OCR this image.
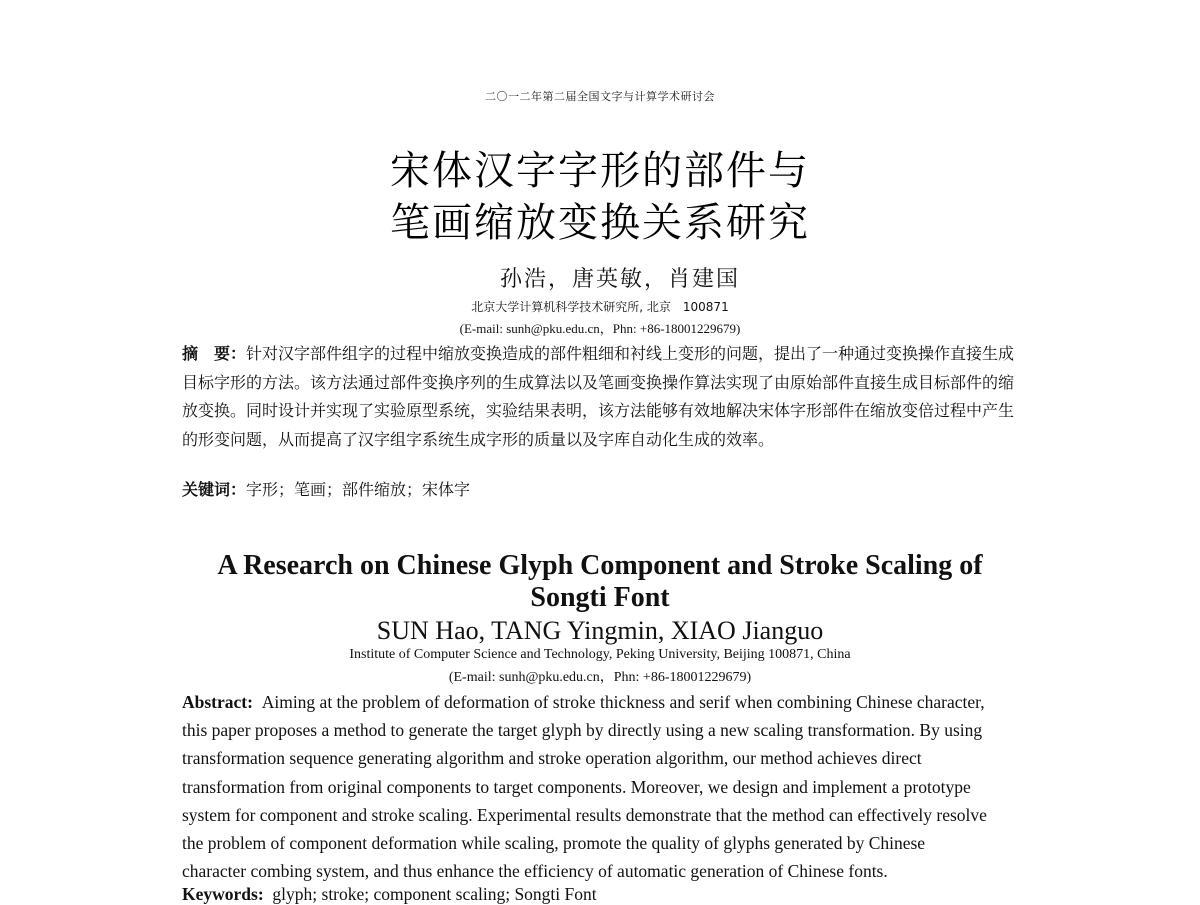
二〇一二年第二届全国文字与计算学术研讨会
宋体汉字字形的部件与
笔画缩放变换关系研究
孙浩，唐英敏，肖建国
北京大学计算机科学技术研究所, 北京　100871
(E-mail: sunh@pku.edu.cn，Phn: +86-18001229679)
摘　要：针对汉字部件组字的过程中缩放变换造成的部件粗细和衬线上变形的问题，提出了一种通过变换操作直接生成目标字形的方法。该方法通过部件变换序列的生成算法以及笔画变换操作算法实现了由原始部件直接生成目标部件的缩放变换。同时设计并实现了实验原型系统，实验结果表明，该方法能够有效地解决宋体字形部件在缩放变倍过程中产生的形变问题，从而提高了汉字组字系统生成字形的质量以及字库自动化生成的效率。
关键词：字形；笔画；部件缩放；宋体字
A Research on Chinese Glyph Component and Stroke Scaling of
Songti Font
SUN Hao, TANG Yingmin, XIAO Jianguo
Institute of Computer Science and Technology, Peking University, Beijing 100871, China
(E-mail: sunh@pku.edu.cn，Phn: +86-18001229679)
Abstract: Aiming at the problem of deformation of stroke thickness and serif when combining Chinese character,
this paper proposes a method to generate the target glyph by directly using a new scaling transformation. By using
transformation sequence generating algorithm and stroke operation algorithm, our method achieves direct
transformation from original components to target components. Moreover, we design and implement a prototype
system for component and stroke scaling. Experimental results demonstrate that the method can effectively resolve
the problem of component deformation while scaling, promote the quality of glyphs generated by Chinese
character combing system, and thus enhance the efficiency of automatic generation of Chinese fonts.
Keywords: glyph; stroke; component scaling; Songti Font
